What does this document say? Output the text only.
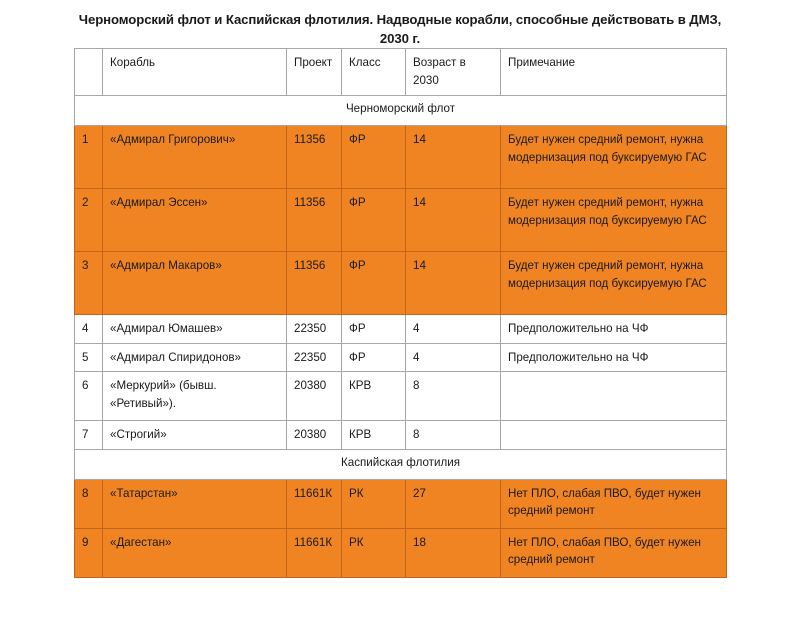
Черноморский флот и Каспийская флотилия. Надводные корабли, способные действовать в ДМЗ, 2030 г.
	Корабль	Проект	Класс	Возраст в 2030	Примечание
Черноморский флот					
1	«Адмирал Григорович»	11356	ФР	14	Будет нужен средний ремонт, нужна модернизация под буксируемую ГАС
2	«Адмирал Эссен»	11356	ФР	14	Будет нужен средний ремонт, нужна модернизация под буксируемую ГАС
3	«Адмирал Макаров»	11356	ФР	14	Будет нужен средний ремонт, нужна модернизация под буксируемую ГАС
4	«Адмирал Юмашев»	22350	ФР	4	Предположительно на ЧФ
5	«Адмирал Спиридонов»	22350	ФР	4	Предположительно на ЧФ
6	«Меркурий» (бывш. «Ретивый»).	20380	КРВ	8	
7	«Строгий»	20380	КРВ	8	
Каспийская флотилия					
8	«Татарстан»	11661К	РК	27	Нет ПЛО, слабая ПВО, будет нужен средний ремонт
9	«Дагестан»	11661К	РК	18	Нет ПЛО, слабая ПВО, будет нужен средний ремонт
